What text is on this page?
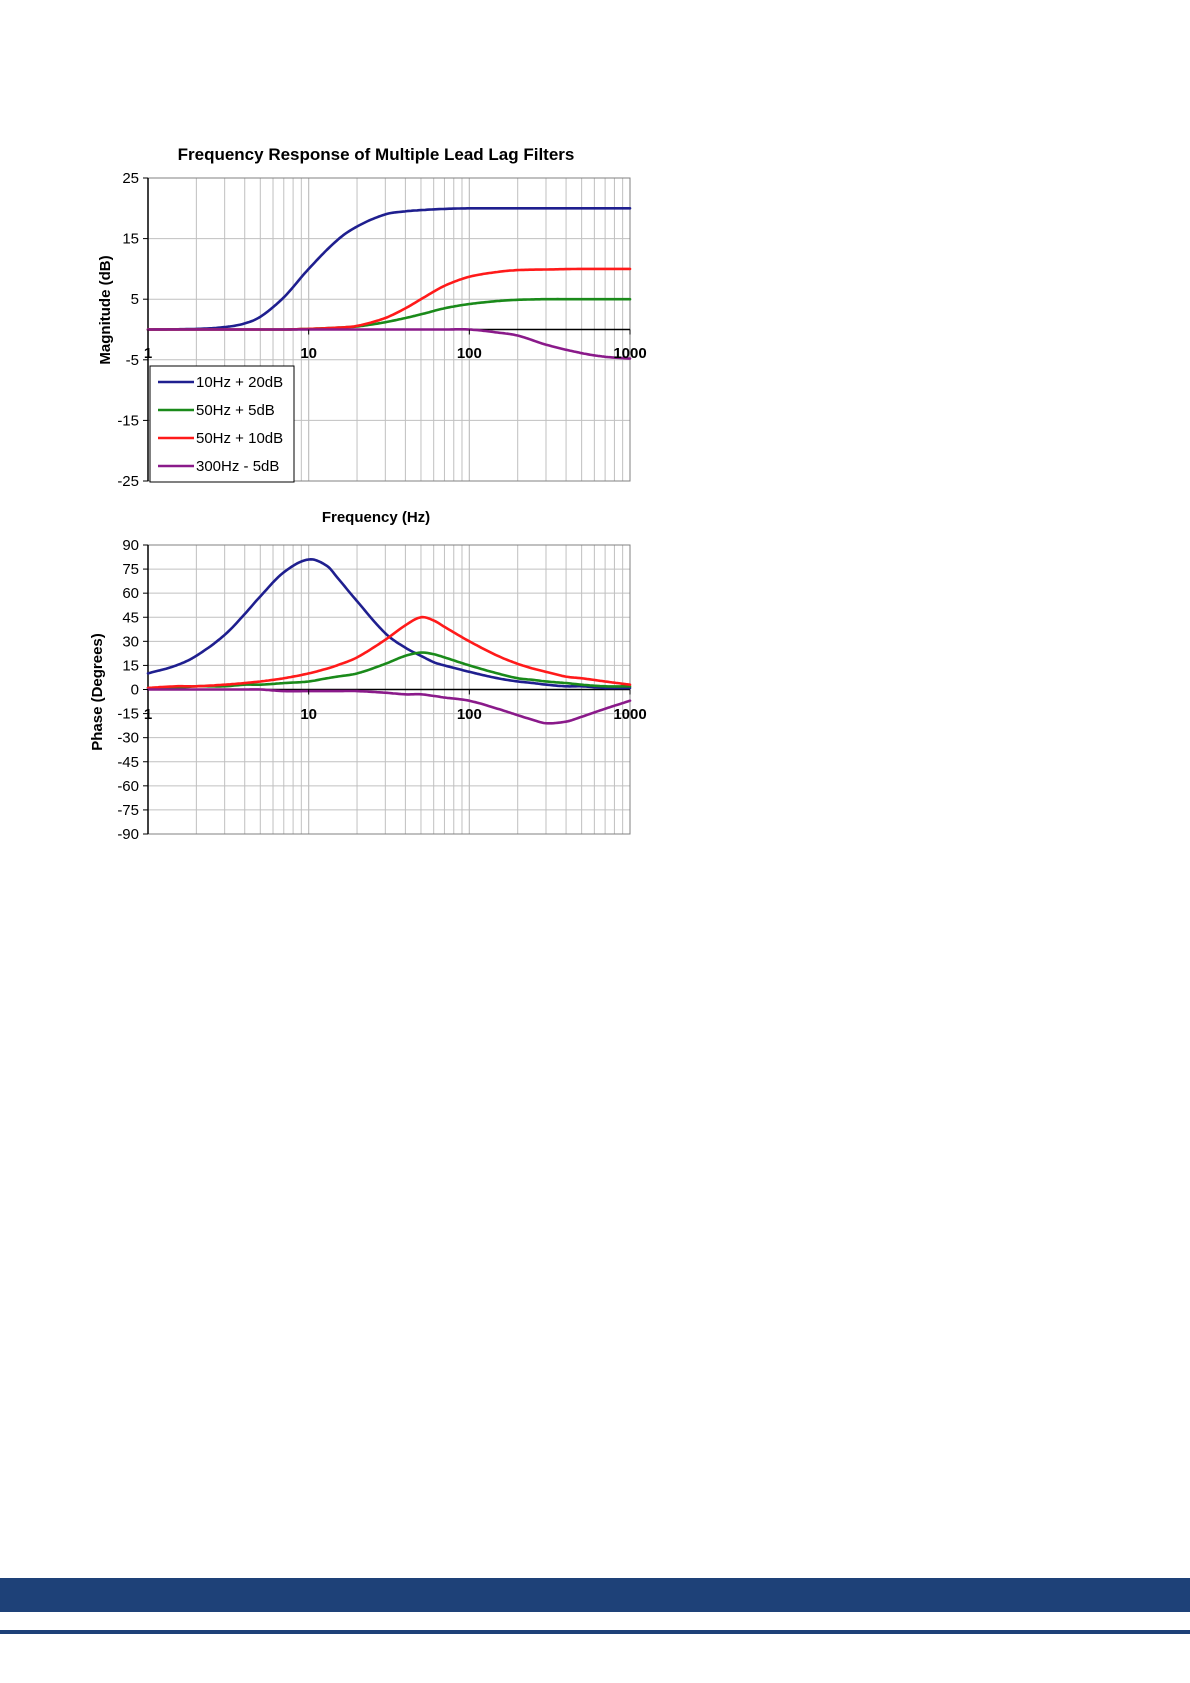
Frequency Response of Multiple Lead Lag Filters
25
15
5
-5
-15
-25
1	10	100	1000
90
75
60
45
30
15
0
-15
-30
-45
-60
-75
-90
1	10	100	1000
Magnitude (dB)
Frequency (Hz)
Phase (Degrees)
10Hz + 20dB
50Hz + 5dB
50Hz + 10dB
300Hz - 5dB
